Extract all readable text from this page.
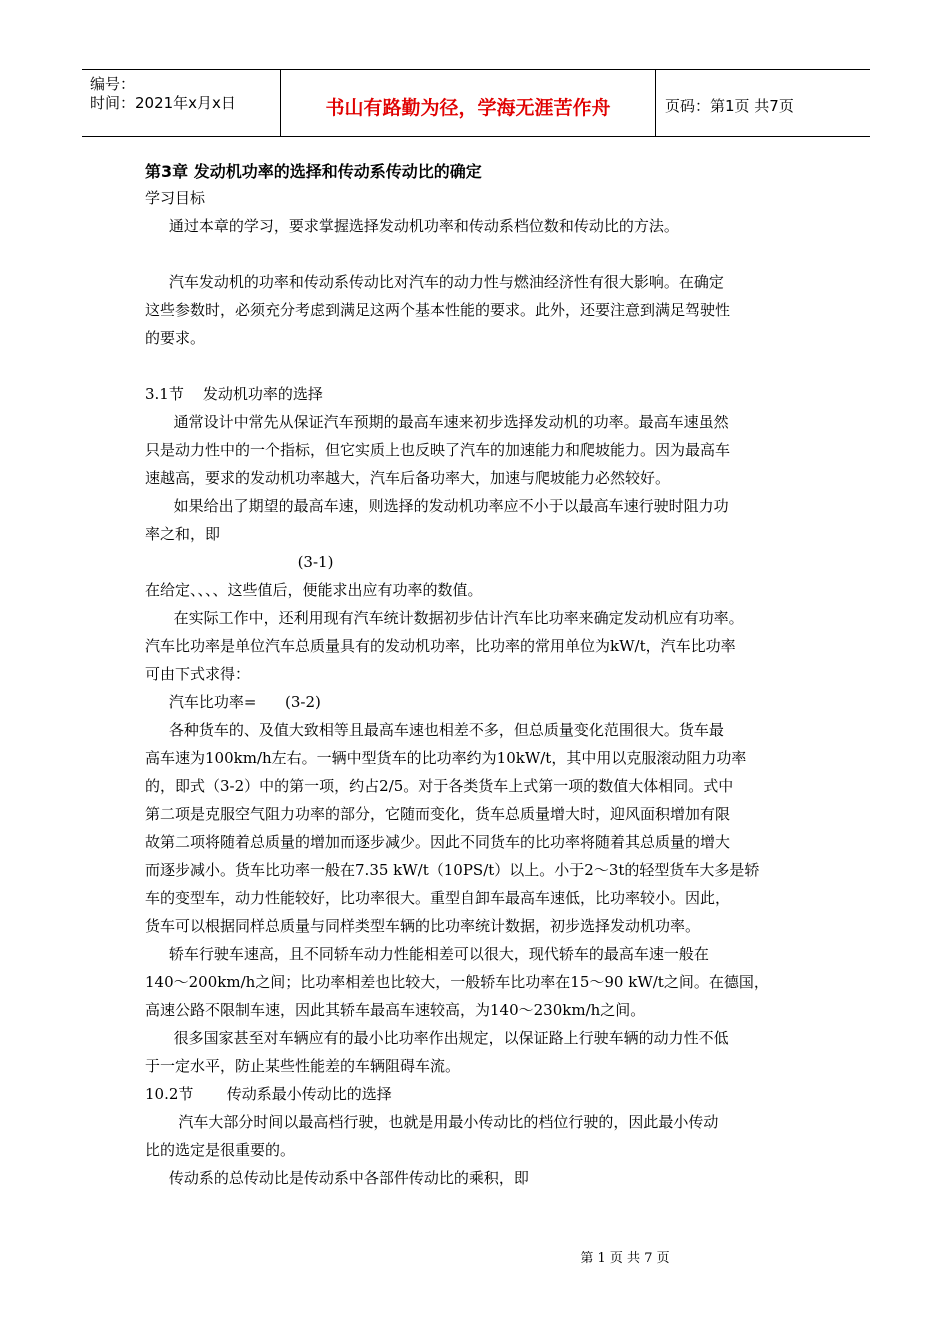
编号：
时间：2021年x月x日	书山有路勤为径，学海无涯苦作舟	页码：第1页 共7页
第3章 发动机功率的选择和传动系传动比的确定

学习目标

通过本章的学习，要求掌握选择发动机功率和传动系档位数和传动比的方法。

汽车发动机的功率和传动系传动比对汽车的动力性与燃油经济性有很大影响。在确定

这些参数时，必须充分考虑到满足这两个基本性能的要求。此外，还要注意到满足驾驶性

的要求。

3.1节    发动机功率的选择

通常设计中常先从保证汽车预期的最高车速来初步选择发动机的功率。最高车速虽然

只是动力性中的一个指标，但它实质上也反映了汽车的加速能力和爬坡能力。因为最高车

速越高，要求的发动机功率越大，汽车后备功率大，加速与爬坡能力必然较好。

如果给出了期望的最高车速，则选择的发动机功率应不小于以最高车速行驶时阻力功

率之和，即

(3-1)

在给定、、、、这些值后，便能求出应有功率的数值。

在实际工作中，还利用现有汽车统计数据初步估计汽车比功率来确定发动机应有功率。

汽车比功率是单位汽车总质量具有的发动机功率，比功率的常用单位为kW/t，汽车比功率

可由下式求得：

汽车比功率=      (3-2)

各种货车的、及值大致相等且最高车速也相差不多，但总质量变化范围很大。货车最

高车速为100km/h左右。一辆中型货车的比功率约为10kW/t，其中用以克服滚动阻力功率

的，即式（3-2）中的第一项，约占2/5。对于各类货车上式第一项的数值大体相同。式中

第二项是克服空气阻力功率的部分，它随而变化，货车总质量增大时，迎风面积增加有限

故第二项将随着总质量的增加而逐步减少。因此不同货车的比功率将随着其总质量的增大

而逐步减小。货车比功率一般在7.35 kW/t（10PS/t）以上。小于2～3t的轻型货车大多是轿

车的变型车，动力性能较好，比功率很大。重型自卸车最高车速低，比功率较小。因此，

货车可以根据同样总质量与同样类型车辆的比功率统计数据，初步选择发动机功率。

轿车行驶车速高，且不同轿车动力性能相差可以很大，现代轿车的最高车速一般在

140～200km/h之间；比功率相差也比较大，一般轿车比功率在15～90 kW/t之间。在德国，

高速公路不限制车速，因此其轿车最高车速较高，为140～230km/h之间。

很多国家甚至对车辆应有的最小比功率作出规定，以保证路上行驶车辆的动力性不低

于一定水平，防止某些性能差的车辆阻碍车流。

10.2节       传动系最小传动比的选择

汽车大部分时间以最高档行驶，也就是用最小传动比的档位行驶的，因此最小传动

比的选定是很重要的。

传动系的总传动比是传动系中各部件传动比的乘积，即

第 1 页 共 7 页
